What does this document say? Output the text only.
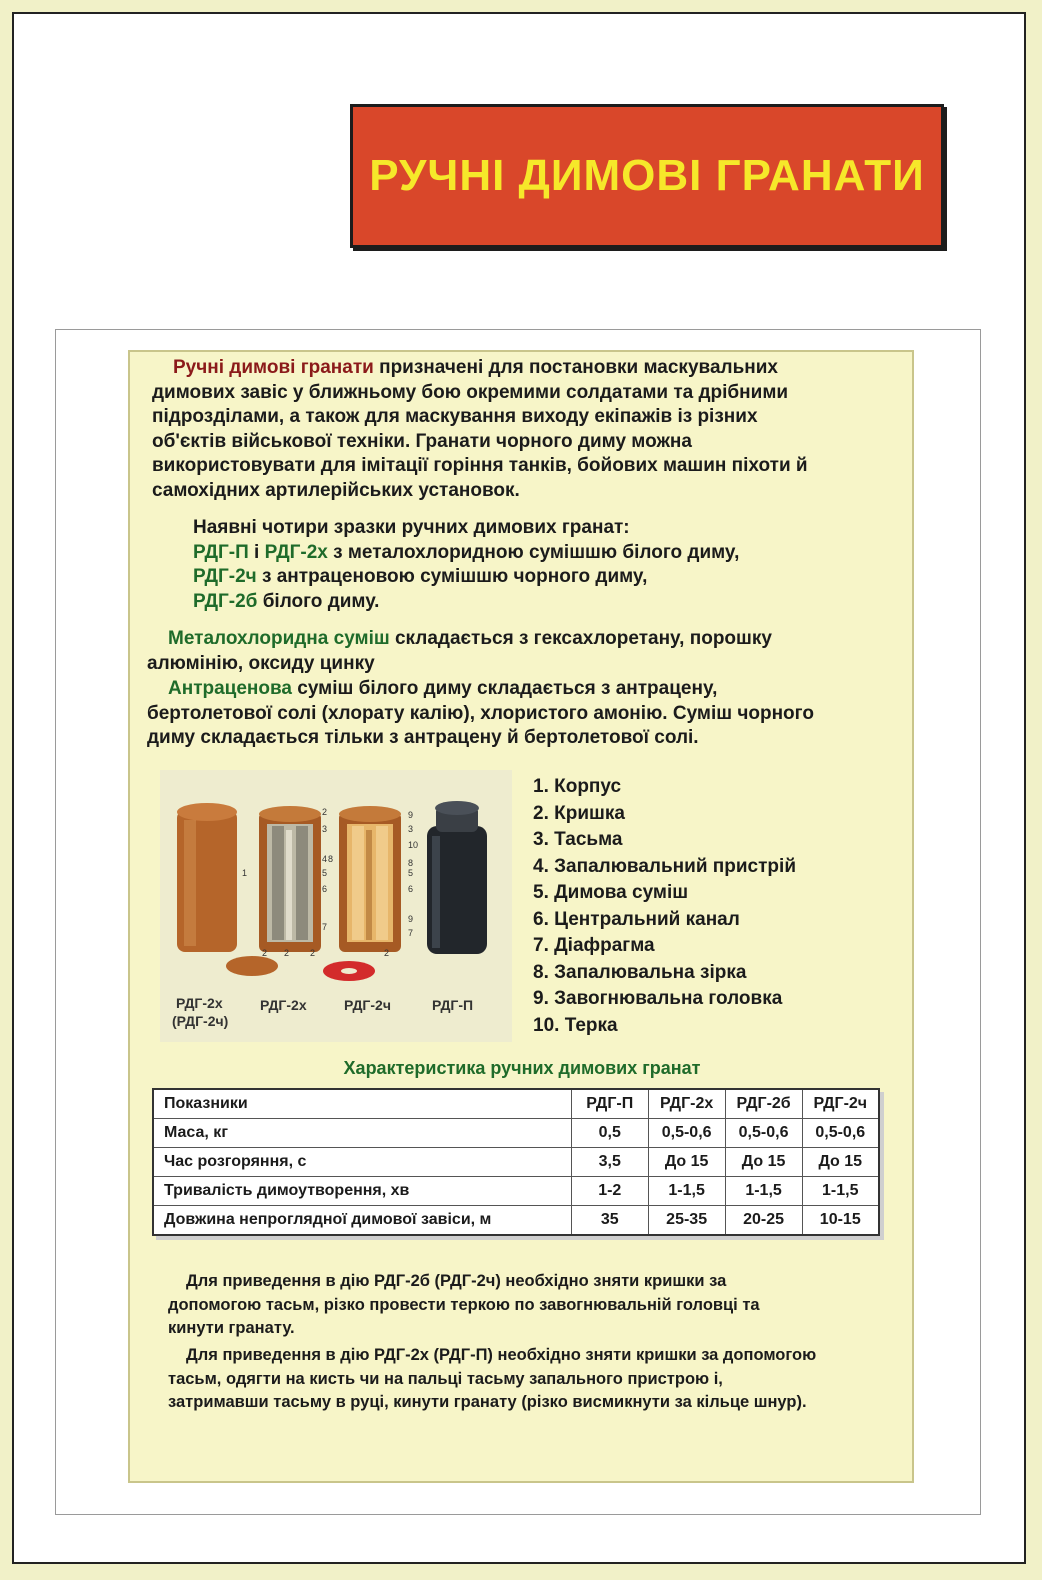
РУЧНІ ДИМОВІ ГРАНАТИ
Ручні димові гранати призначені для постановки маскувальних
димових завіс у ближньому бою окремими солдатами та дрібними
підрозділами, а також для маскування виходу екіпажів із різних
об'єктів військової техніки. Гранати чорного диму можна
використовувати для імітації горіння танків, бойових машин піхоти й
самохідних артилерійських установок.
Наявні чотири зразки ручних димових гранат:
РДГ-П і РДГ-2х з металохлоридною сумішшю білого диму,
РДГ-2ч з антраценовою сумішшю чорного диму,
РДГ-2б білого диму.
Металохлоридна суміш складається з гексахлоретану, порошку
алюмінію, оксиду цинку
Антраценова суміш білого диму складається з антрацену,
бертолетової солі (хлорату калію), хлористого амонію. Суміш чорного
диму складається тільки з антрацену й бертолетової солі.
1
2
3
4
5
6
7
2 2
3
9
10
8
5
6
9
7
8
2	2
РДГ-2х
(РДГ-2ч)
РДГ-2х	РДГ-2ч	РДГ-П
1. Корпус
2. Кришка
3. Тасьма
4. Запалювальний пристрій
5. Димова суміш
6. Центральний канал
7. Діафрагма
8. Запалювальна зірка
9. Завогнювальна головка
10. Терка
Характеристика ручних димових гранат
Показники	РДГ-П	РДГ-2х	РДГ-2б	РДГ-2ч
Маса, кг	0,5	0,5-0,6	0,5-0,6	0,5-0,6
Час розгоряння, с	3,5	До 15	До 15	До 15
Тривалість димоутворення, хв	1-2	1-1,5	1-1,5	1-1,5
Довжина непроглядної димової завіси, м	35	25-35	20-25	10-15
Для приведення в дію РДГ-2б (РДГ-2ч) необхідно зняти кришки за
допомогою тасьм, різко провести теркою по завогнювальній головці та
кинути гранату.
Для приведення в дію РДГ-2х (РДГ-П) необхідно зняти кришки за допомогою
тасьм, одягти на кисть чи на пальці тасьму запального пристрою і,
затримавши тасьму в руці, кинути гранату (різко висмикнути за кільце шнур).
